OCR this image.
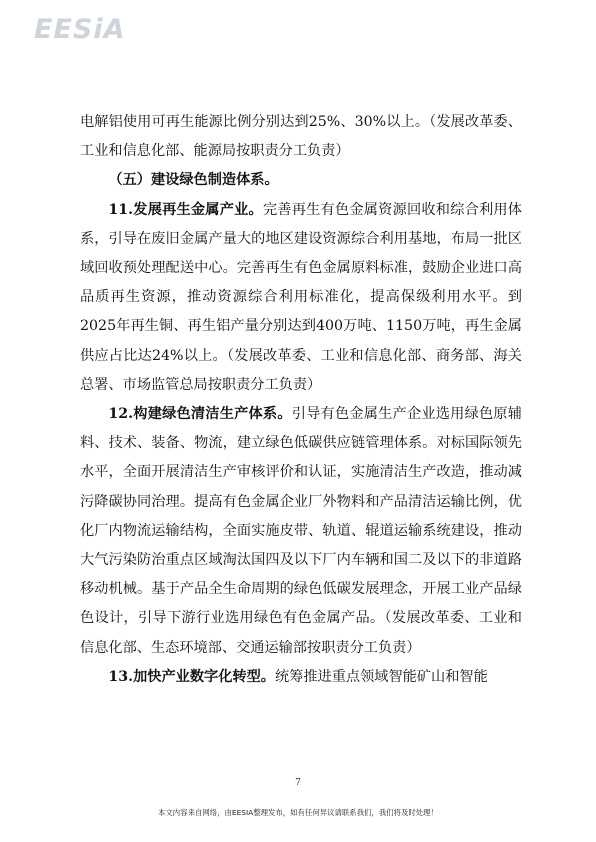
EESiA

电解铝使用可再生能源比例分别达到25%、30%以上。（发展改革委、工业和信息化部、能源局按职责分工负责）

（五）建设绿色制造体系。

11.发展再生金属产业。完善再生有色金属资源回收和综合利用体系，引导在废旧金属产量大的地区建设资源综合利用基地，布局一批区域回收预处理配送中心。完善再生有色金属原料标准，鼓励企业进口高品质再生资源，推动资源综合利用标准化，提高保级利用水平。到2025年再生铜、再生铝产量分别达到400万吨、1150万吨，再生金属供应占比达24%以上。（发展改革委、工业和信息化部、商务部、海关总署、市场监管总局按职责分工负责）

12.构建绿色清洁生产体系。引导有色金属生产企业选用绿色原辅料、技术、装备、物流，建立绿色低碳供应链管理体系。对标国际领先水平，全面开展清洁生产审核评价和认证，实施清洁生产改造，推动减污降碳协同治理。提高有色金属企业厂外物料和产品清洁运输比例，优化厂内物流运输结构，全面实施皮带、轨道、辊道运输系统建设，推动大气污染防治重点区域淘汰国四及以下厂内车辆和国二及以下的非道路移动机械。基于产品全生命周期的绿色低碳发展理念，开展工业产品绿色设计，引导下游行业选用绿色有色金属产品。（发展改革委、工业和信息化部、生态环境部、交通运输部按职责分工负责）

13.加快产业数字化转型。统筹推进重点领域智能矿山和智能

7
本文内容来自网络，由EESIA整理发布，如有任何异议请联系我们，我们将及时处理！
